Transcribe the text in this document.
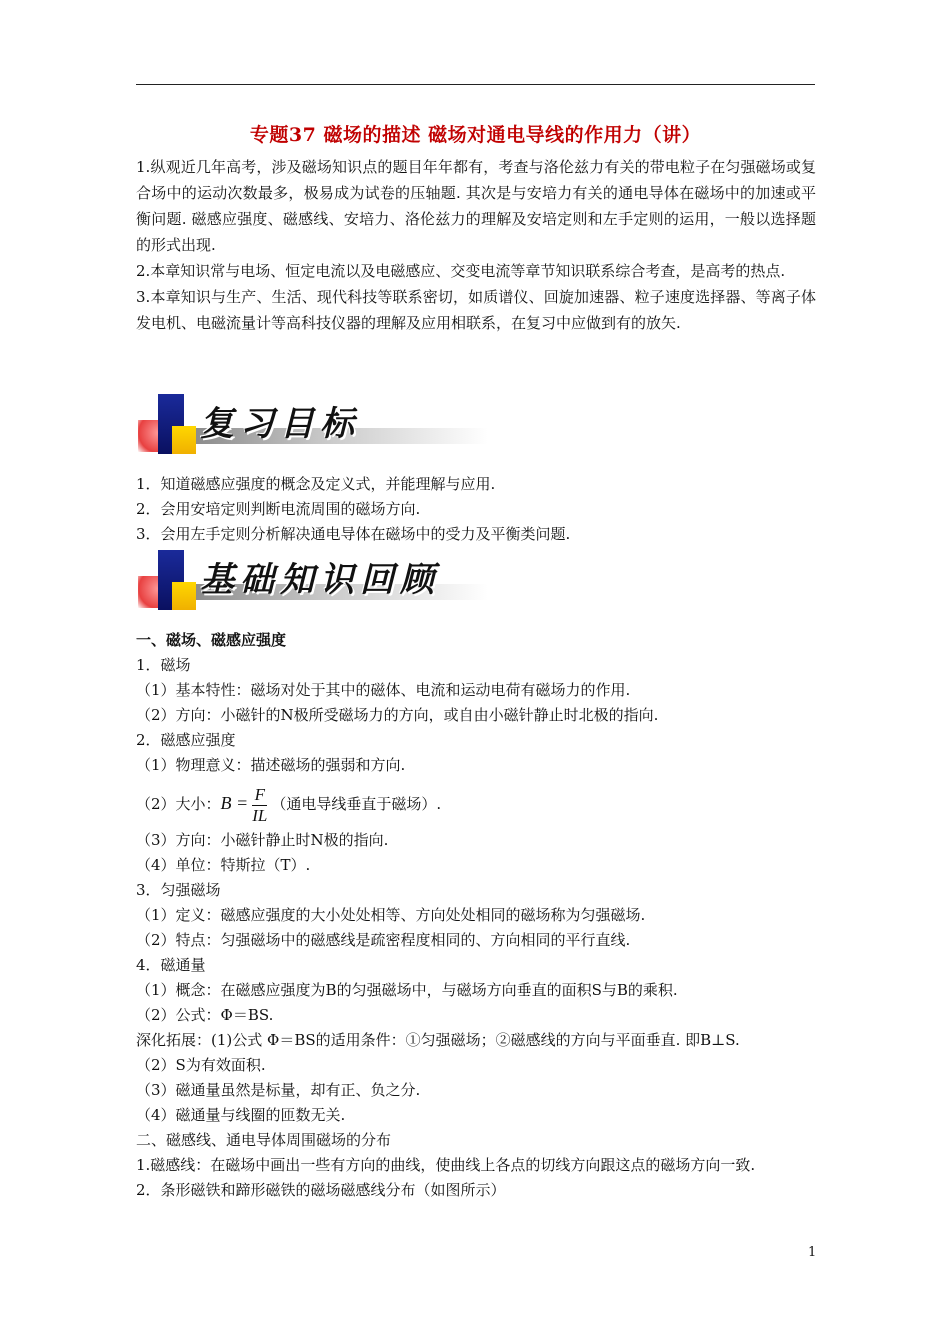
专题37 磁场的描述 磁场对通电导线的作用力（讲）

1.纵观近几年高考，涉及磁场知识点的题目年年都有，考查与洛伦兹力有关的带电粒子在匀强磁场或复合场中的运动次数最多，极易成为试卷的压轴题. 其次是与安培力有关的通电导体在磁场中的加速或平衡问题. 磁感应强度、磁感线、安培力、洛伦兹力的理解及安培定则和左手定则的运用，一般以选择题的形式出现.

2.本章知识常与电场、恒定电流以及电磁感应、交变电流等章节知识联系综合考查，是高考的热点.

3.本章知识与生产、生活、现代科技等联系密切，如质谱仪、回旋加速器、粒子速度选择器、等离子体发电机、电磁流量计等高科技仪器的理解及应用相联系，在复习中应做到有的放矢.

复习目标

1．知道磁感应强度的概念及定义式，并能理解与应用.

2．会用安培定则判断电流周围的磁场方向.

3．会用左手定则分析解决通电导体在磁场中的受力及平衡类问题.

基础知识回顾

一、磁场、磁感应强度

1．磁场

（1）基本特性：磁场对处于其中的磁体、电流和运动电荷有磁场力的作用.

（2）方向：小磁针的N极所受磁场力的方向，或自由小磁针静止时北极的指向.

2．磁感应强度

（1）物理意义：描述磁场的强弱和方向.

（2）大小：$B = \frac{F}{IL}$ （通电导线垂直于磁场）.

（3）方向：小磁针静止时N极的指向.

（4）单位：特斯拉（T）.

3．匀强磁场

（1）定义：磁感应强度的大小处处相等、方向处处相同的磁场称为匀强磁场.

（2）特点：匀强磁场中的磁感线是疏密程度相同的、方向相同的平行直线.

4．磁通量

（1）概念：在磁感应强度为B的匀强磁场中，与磁场方向垂直的面积S与B的乘积.

（2）公式：Φ＝BS.

深化拓展：(1)公式 Φ＝BS的适用条件：①匀强磁场；②磁感线的方向与平面垂直. 即B⊥S.

（2）S为有效面积.

（3）磁通量虽然是标量，却有正、负之分.

（4）磁通量与线圈的匝数无关.

二、磁感线、通电导体周围磁场的分布

1.磁感线：在磁场中画出一些有方向的曲线，使曲线上各点的切线方向跟这点的磁场方向一致.

2．条形磁铁和蹄形磁铁的磁场磁感线分布（如图所示）

1
